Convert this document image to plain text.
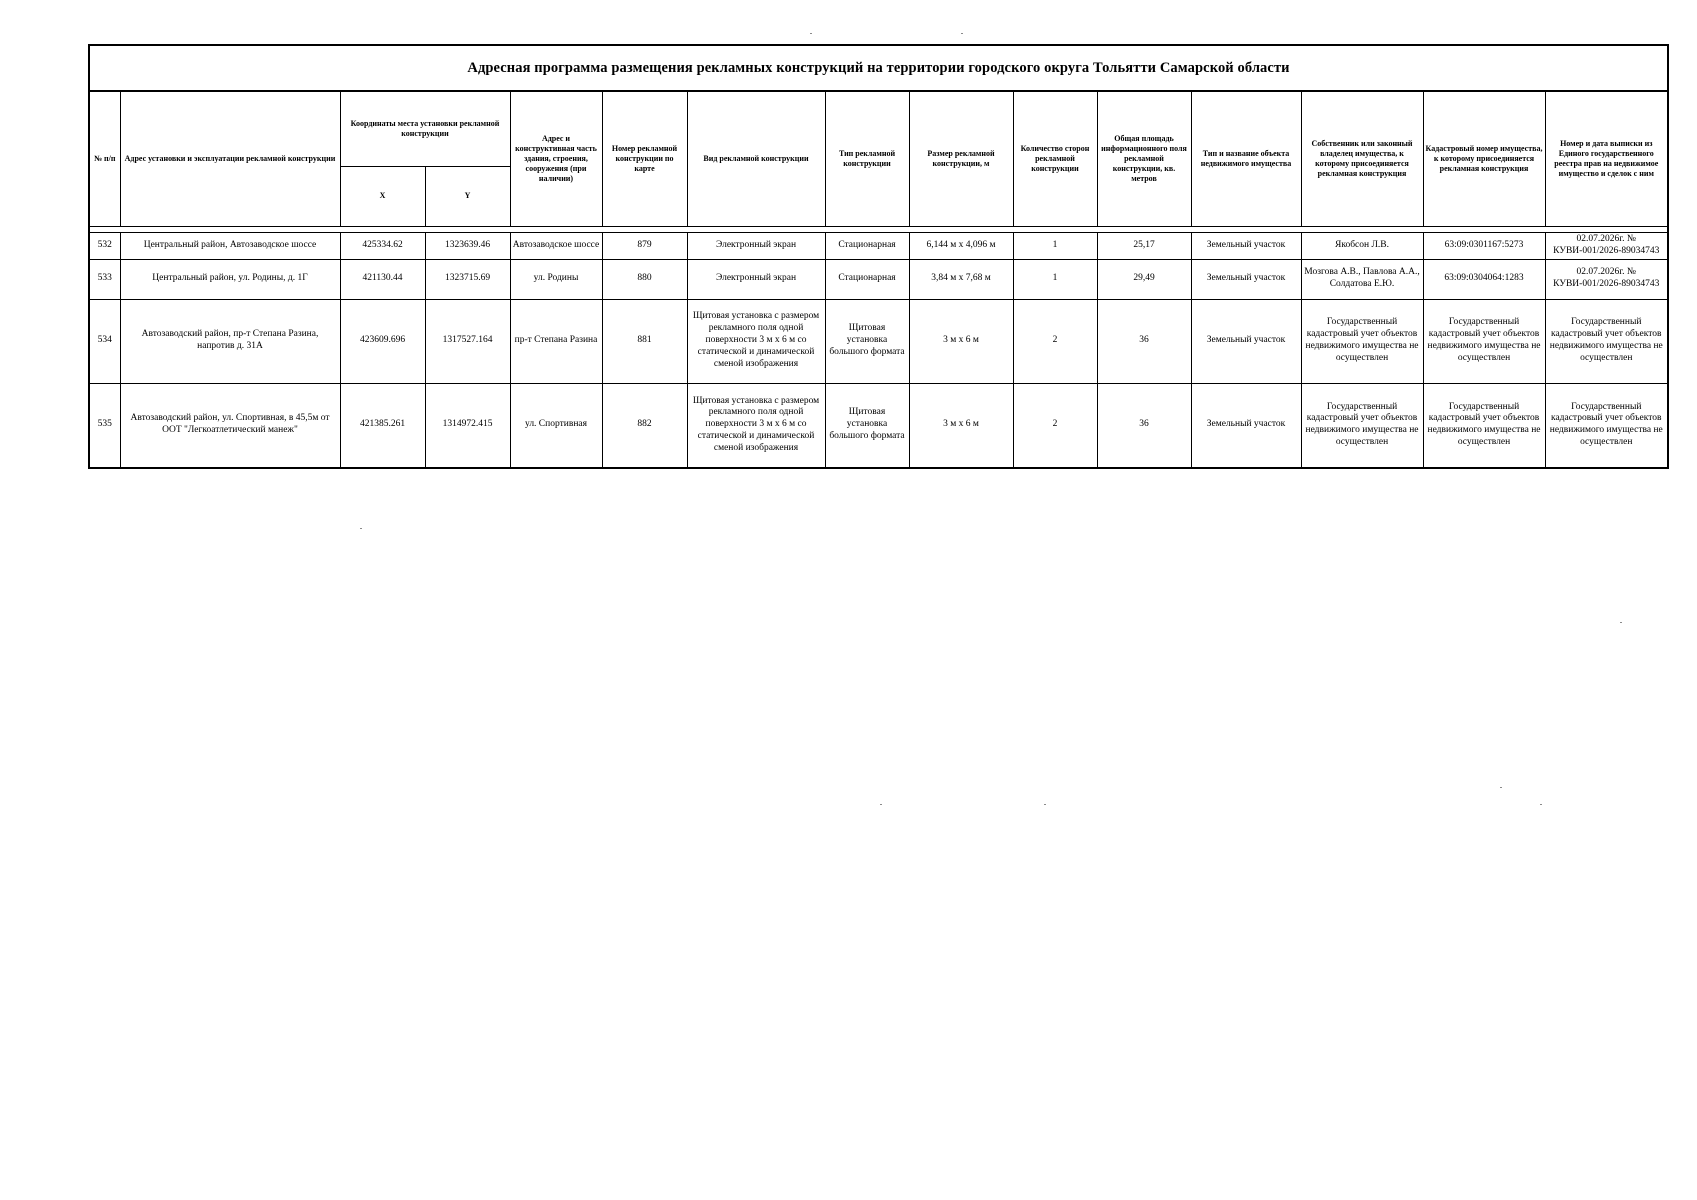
Адресная программа размещения рекламных конструкций на территории городского округа Тольятти Самарской области
№ п/п	Адрес установки и эксплуатации рекламной конструкции	Координаты места установки рекламной конструкции		Адрес и конструктивная часть здания, строения, сооружения (при наличии)	Номер рекламной конструкции по карте	Вид рекламной конструкции	Тип рекламной конструкции	Размер рекламной конструкции, м	Количество сторон рекламной конструкции	Общая площадь информационного поля рекламной конструкции, кв. метров	Тип и название объекта недвижимого имущества	Собственник или законный владелец имущества, к которому присоединяется рекламная конструкция	Кадастровый номер имущества, к которому присоединяется рекламная конструкция	Номер и дата выписки из Единого государственного реестра прав на недвижимое имущество и сделок с ним
		X	Y											

532	Центральный район, Автозаводское шоссе	425334.62	1323639.46	Автозаводское шоссе	879	Электронный экран	Стационарная	6,144 м х 4,096 м	1	25,17	Земельный участок	Якобсон Л.В.	63:09:0301167:5273	02.07.2026г. № КУВИ-001/2026-89034743
533	Центральный район, ул. Родины, д. 1Г	421130.44	1323715.69	ул. Родины	880	Электронный экран	Стационарная	3,84 м х 7,68 м	1	29,49	Земельный участок	Мозгова А.В., Павлова А.А., Солдатова Е.Ю.	63:09:0304064:1283	02.07.2026г. № КУВИ-001/2026-89034743
534	Автозаводский район, пр-т Степана Разина, напротив д. 31А	423609.696	1317527.164	пр-т Степана Разина	881	Щитовая установка с размером рекламного поля одной поверхности 3 м х 6 м со статической и динамической сменой изображения	Щитовая установка большого формата	3 м х 6 м	2	36	Земельный участок	Государственный кадастровый учет объектов недвижимого имущества не осуществлен	Государственный кадастровый учет объектов недвижимого имущества не осуществлен	Государственный кадастровый учет объектов недвижимого имущества не осуществлен
535	Автозаводский район, ул. Спортивная, в 45,5м от ООТ "Легкоатлетический манеж"	421385.261	1314972.415	ул. Спортивная	882	Щитовая установка с размером рекламного поля одной поверхности 3 м х 6 м со статической и динамической сменой изображения	Щитовая установка большого формата	3 м х 6 м	2	36	Земельный участок	Государственный кадастровый учет объектов недвижимого имущества не осуществлен	Государственный кадастровый учет объектов недвижимого имущества не осуществлен	Государственный кадастровый учет объектов недвижимого имущества не осуществлен
